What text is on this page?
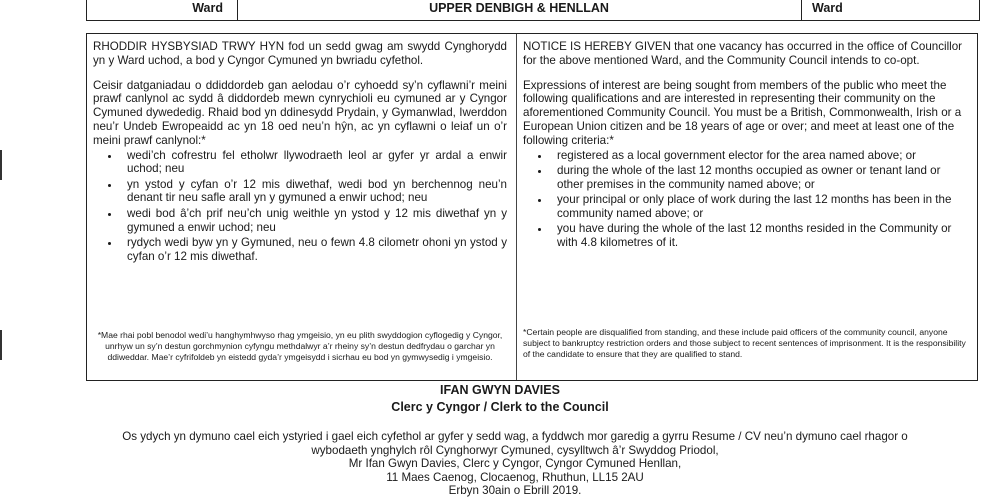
Ward	UPPER DENBIGH & HENLLAN	Ward

RHODDIR HYSBYSIAD TRWY HYN fod un sedd gwag am swydd Cynghorydd yn y Ward uchod, a bod y Cyngor Cymuned yn bwriadu cyfethol.

Ceisir datganiadau o ddiddordeb gan aelodau o’r cyhoedd sy’n cyflawni’r meini prawf canlynol ac sydd â diddordeb mewn cynrychioli eu cymuned ar y Cyngor Cymuned dywededig. Rhaid bod yn ddinesydd Prydain, y Gymanwlad, Iwerddon neu’r Undeb Ewropeaidd ac yn 18 oed neu’n hŷn, ac yn cyflawni o leiaf un o’r meini prawf canlynol:*

• wedi’ch cofrestru fel etholwr llywodraeth leol ar gyfer yr ardal a enwir uchod; neu
• yn ystod y cyfan o’r 12 mis diwethaf, wedi bod yn berchennog neu’n denant tir neu safle arall yn y gymuned a enwir uchod; neu
• wedi bod â’ch prif neu’ch unig weithle yn ystod y 12 mis diwethaf yn y gymuned a enwir uchod; neu
• rydych wedi byw yn y Gymuned, neu o fewn 4.8 cilometr ohoni yn ystod y cyfan o’r 12 mis diwethaf.
*Mae rhai pobl benodol wedi’u hanghymhwyso rhag ymgeisio, yn eu plith swyddogion cyflogedig y Cyngor, unrhyw un sy’n destun gorchmynion cyfyngu methdalwyr a’r rheiny sy’n destun dedfrydau o garchar yn ddiweddar. Mae’r cyfrifoldeb yn eistedd gyda’r ymgeisydd i sicrhau eu bod yn gymwysedig i ymgeisio.

NOTICE IS HEREBY GIVEN that one vacancy has occurred in the office of Councillor for the above mentioned Ward, and the Community Council intends to co-opt.

Expressions of interest are being sought from members of the public who meet the following qualifications and are interested in representing their community on the aforementioned Community Council. You must be a British, Commonwealth, Irish or a European Union citizen and be 18 years of age or over; and meet at least one of the following criteria:*

• registered as a local government elector for the area named above; or
• during the whole of the last 12 months occupied as owner or tenant land or other premises in the community named above; or
• your principal or only place of work during the last 12 months has been in the community named above; or
• you have during the whole of the last 12 months resided in the Community or with 4.8 kilometres of it.
*Certain people are disqualified from standing, and these include paid officers of the community council, anyone subject to bankruptcy restriction orders and those subject to recent sentences of imprisonment. It is the responsibility of the candidate to ensure that they are qualified to stand.
IFAN GWYN DAVIES
Clerc y Cyngor / Clerk to the Council
Os ydych yn dymuno cael eich ystyried i gael eich cyfethol ar gyfer y sedd wag, a fyddwch mor garedig a gyrru Resume / CV neu’n dymuno cael rhagor o
wybodaeth ynghylch rôl Cynghorwyr Cymuned, cysylltwch â’r Swyddog Priodol,
Mr Ifan Gwyn Davies, Clerc y Cyngor, Cyngor Cymuned Henllan,
11 Maes Caenog, Clocaenog, Rhuthun, LL15 2AU
Erbyn 30ain o Ebrill 2019.
